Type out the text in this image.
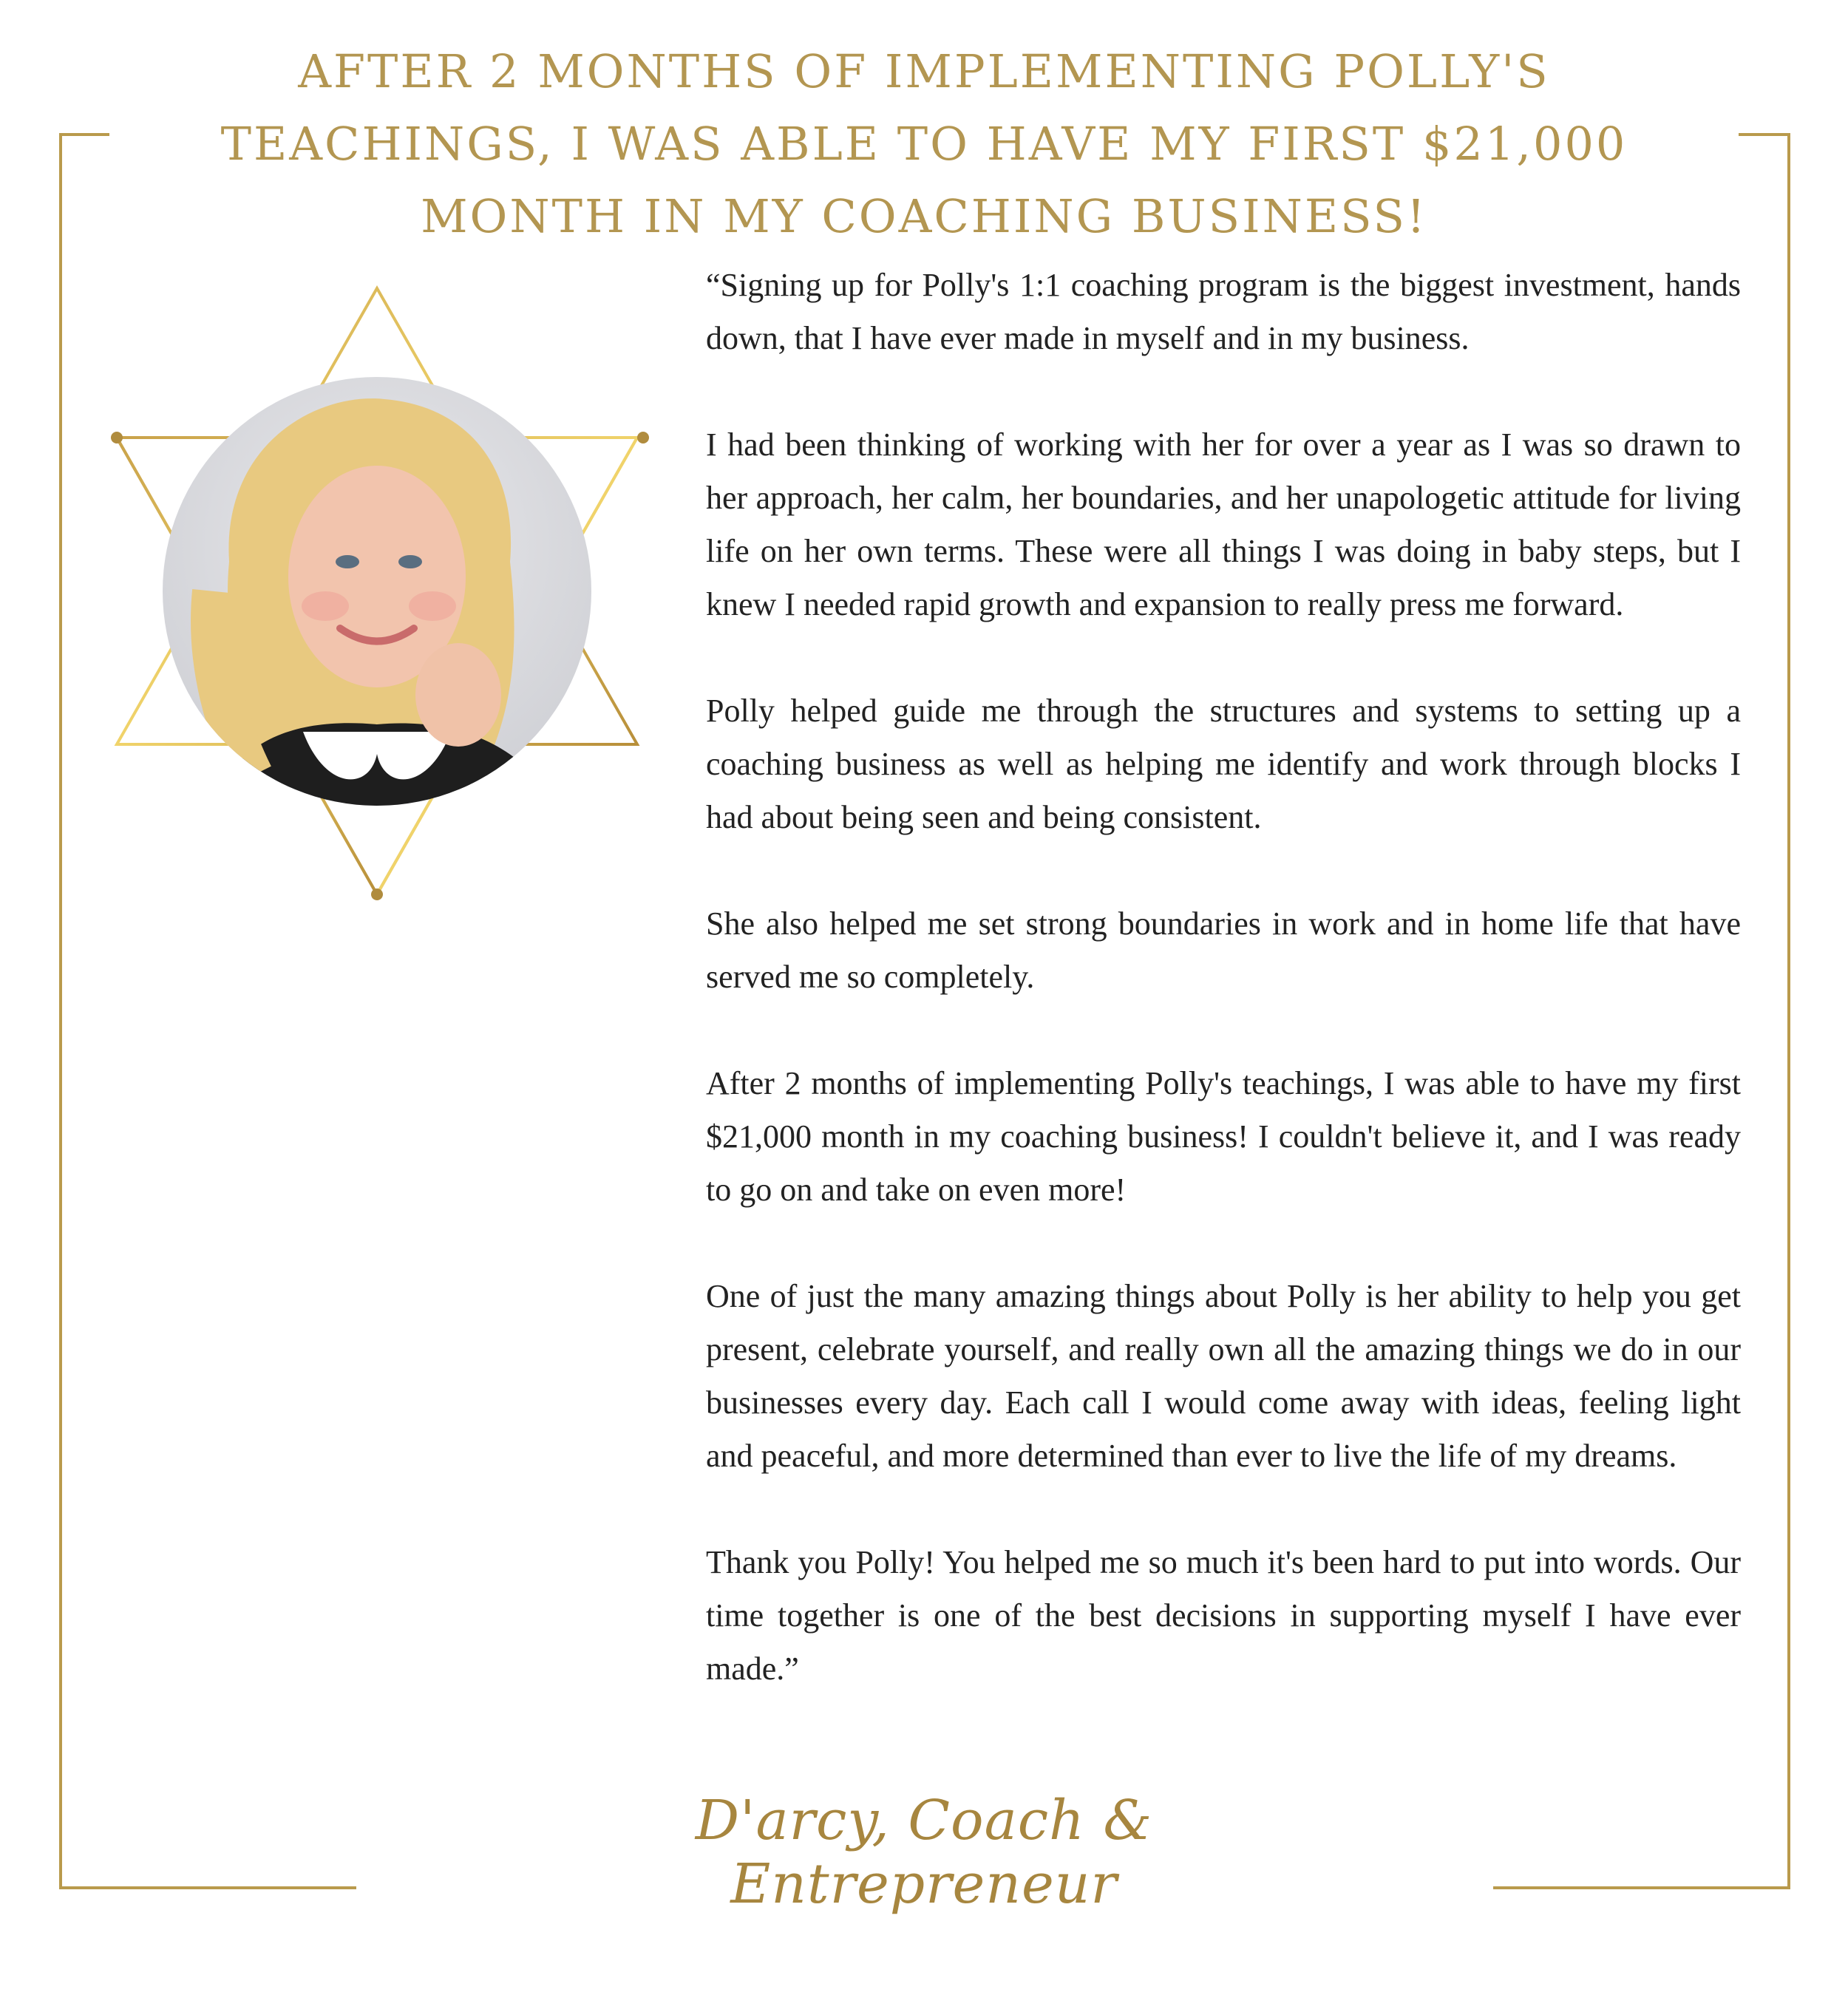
AFTER 2 MONTHS OF IMPLEMENTING POLLY'S TEACHINGS, I WAS ABLE TO HAVE MY FIRST $21,000 MONTH IN MY COACHING BUSINESS!

“Signing up for Polly's 1:1 coaching program is the biggest investment, hands down, that I have ever made in myself and in my business.

I had been thinking of working with her for over a year as I was so drawn to her approach, her calm, her boundaries, and her unapologetic attitude for living life on her own terms. These were all things I was doing in baby steps, but I knew I needed rapid growth and expansion to really press me forward.

Polly helped guide me through the structures and systems to setting up a coaching business as well as helping me identify and work through blocks I had about being seen and being consistent.

She also helped me set strong boundaries in work and in home life that have served me so completely.

After 2 months of implementing Polly's teachings, I was able to have my first $21,000 month in my coaching business! I couldn't believe it, and I was ready to go on and take on even more!

One of just the many amazing things about Polly is her ability to help you get present, celebrate yourself, and really own all the amazing things we do in our businesses every day. Each call I would come away with ideas, feeling light and peaceful, and more determined than ever to live the life of my dreams.

Thank you Polly! You helped me so much it's been hard to put into words. Our time together is one of the best decisions in supporting myself I have ever made.”

D'arcy, Coach & Entrepreneur
